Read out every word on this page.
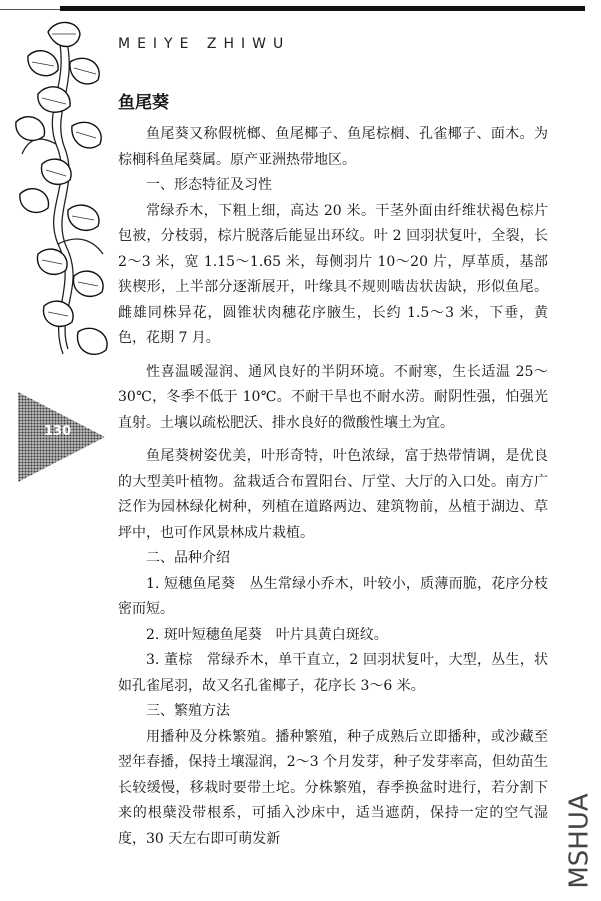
MEIYE ZHIWU
130
MSHUA
鱼尾葵

鱼尾葵又称假桄榔、鱼尾椰子、鱼尾棕榈、孔雀椰子、面木。为棕榈科鱼尾葵属。原产亚洲热带地区。

一、形态特征及习性

常绿乔木，下粗上细，高达 20 米。干茎外面由纤维状褐色棕片包被，分枝弱，棕片脱落后能显出环纹。叶 2 回羽状复叶，全裂，长 2～3 米，宽 1.15～1.65 米，每侧羽片 10～20 片，厚革质，基部狭楔形，上半部分逐渐展开，叶缘具不规则啮齿状齿缺，形似鱼尾。雌雄同株异花，圆锥状肉穗花序腋生，长约 1.5～3 米，下垂，黄色，花期 7 月。

性喜温暖湿润、通风良好的半阴环境。不耐寒，生长适温 25～30℃，冬季不低于 10℃。不耐干旱也不耐水涝。耐阴性强，怕强光直射。土壤以疏松肥沃、排水良好的微酸性壤土为宜。

鱼尾葵树姿优美，叶形奇特，叶色浓绿，富于热带情调，是优良的大型美叶植物。盆栽适合布置阳台、厅堂、大厅的入口处。南方广泛作为园林绿化树种，列植在道路两边、建筑物前，丛植于湖边、草坪中，也可作风景林成片栽植。

二、品种介绍

1. 短穗鱼尾葵　丛生常绿小乔木，叶较小，质薄而脆，花序分枝密而短。

2. 斑叶短穗鱼尾葵　叶片具黄白斑纹。

3. 董棕　常绿乔木，单干直立，2 回羽状复叶，大型，丛生，状如孔雀尾羽，故又名孔雀椰子，花序长 3～6 米。

三、繁殖方法

用播种及分株繁殖。播种繁殖，种子成熟后立即播种，或沙藏至翌年春播，保持土壤湿润，2～3 个月发芽，种子发芽率高，但幼苗生长较缓慢，移栽时要带土坨。分株繁殖，春季换盆时进行，若分割下来的根蘖没带根系，可插入沙床中，适当遮荫，保持一定的空气湿度，30 天左右即可萌发新
